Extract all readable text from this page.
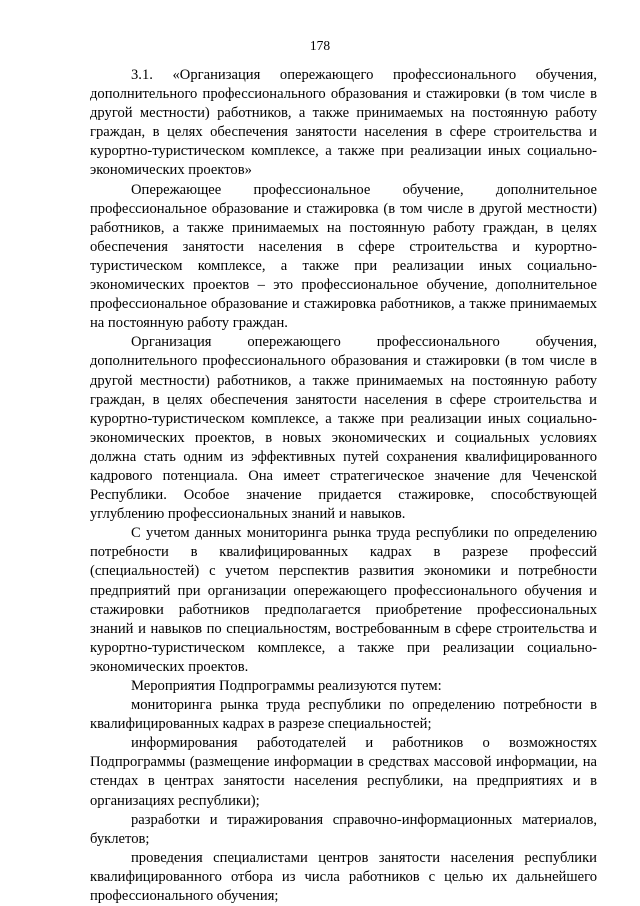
178

3.1. «Организация опережающего профессионального обучения, дополнительного профессионального образования и стажировки (в том числе в другой местности) работников, а также принимаемых на постоянную работу граждан, в целях обеспечения занятости населения в сфере строительства и курортно-туристическом комплексе, а также при реализации иных социально-экономических проектов»

Опережающее профессиональное обучение, дополнительное профессиональное образование и стажировка (в том числе в другой местности) работников, а также принимаемых на постоянную работу граждан, в целях обеспечения занятости населения в сфере строительства и курортно-туристическом комплексе, а также при реализации иных социально-экономических проектов – это профессиональное обучение, дополнительное профессиональное образование и стажировка работников, а также принимаемых на постоянную работу граждан.

Организация опережающего профессионального обучения, дополнительного профессионального образования и стажировки (в том числе в другой местности) работников, а также принимаемых на постоянную работу граждан, в целях обеспечения занятости населения в сфере строительства и курортно-туристическом комплексе, а также при реализации иных социально-экономических проектов, в новых экономических и социальных условиях должна стать одним из эффективных путей сохранения квалифицированного кадрового потенциала. Она имеет стратегическое значение для Чеченской Республики. Особое значение придается стажировке, способствующей углублению профессиональных знаний и навыков.

С учетом данных мониторинга рынка труда республики по определению потребности в квалифицированных кадрах в разрезе профессий (специальностей) с учетом перспектив развития экономики и потребности предприятий при организации опережающего профессионального обучения и стажировки работников предполагается приобретение профессиональных знаний и навыков по специальностям, востребованным в сфере строительства и курортно-туристическом комплексе, а также при реализации социально-экономических проектов.

Мероприятия Подпрограммы реализуются путем:

мониторинга рынка труда республики по определению потребности в квалифицированных кадрах в разрезе специальностей;

информирования работодателей и работников о возможностях Подпрограммы (размещение информации в средствах массовой информации, на стендах в центрах занятости населения республики, на предприятиях и в организациях республики);

разработки и тиражирования справочно-информационных материалов, буклетов;

проведения специалистами центров занятости населения республики квалифицированного отбора из числа работников с целью их дальнейшего профессионального обучения;
